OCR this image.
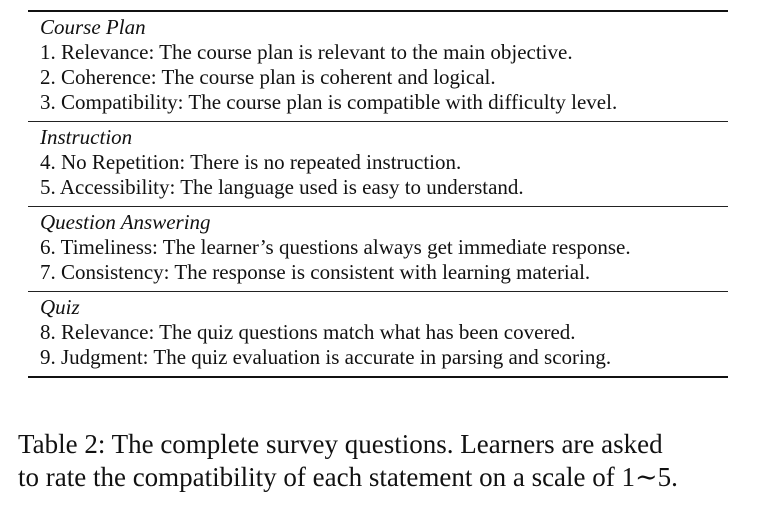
Course Plan
1. Relevance: The course plan is relevant to the main objective.
2. Coherence: The course plan is coherent and logical.
3. Compatibility: The course plan is compatible with difficulty level.
Instruction
4. No Repetition: There is no repeated instruction.
5. Accessibility: The language used is easy to understand.
Question Answering
6. Timeliness: The learner’s questions always get immediate response.
7. Consistency: The response is consistent with learning material.
Quiz
8. Relevance: The quiz questions match what has been covered.
9. Judgment: The quiz evaluation is accurate in parsing and scoring.
Table 2: The complete survey questions. Learners are asked
to rate the compatibility of each statement on a scale of 1∼5.
